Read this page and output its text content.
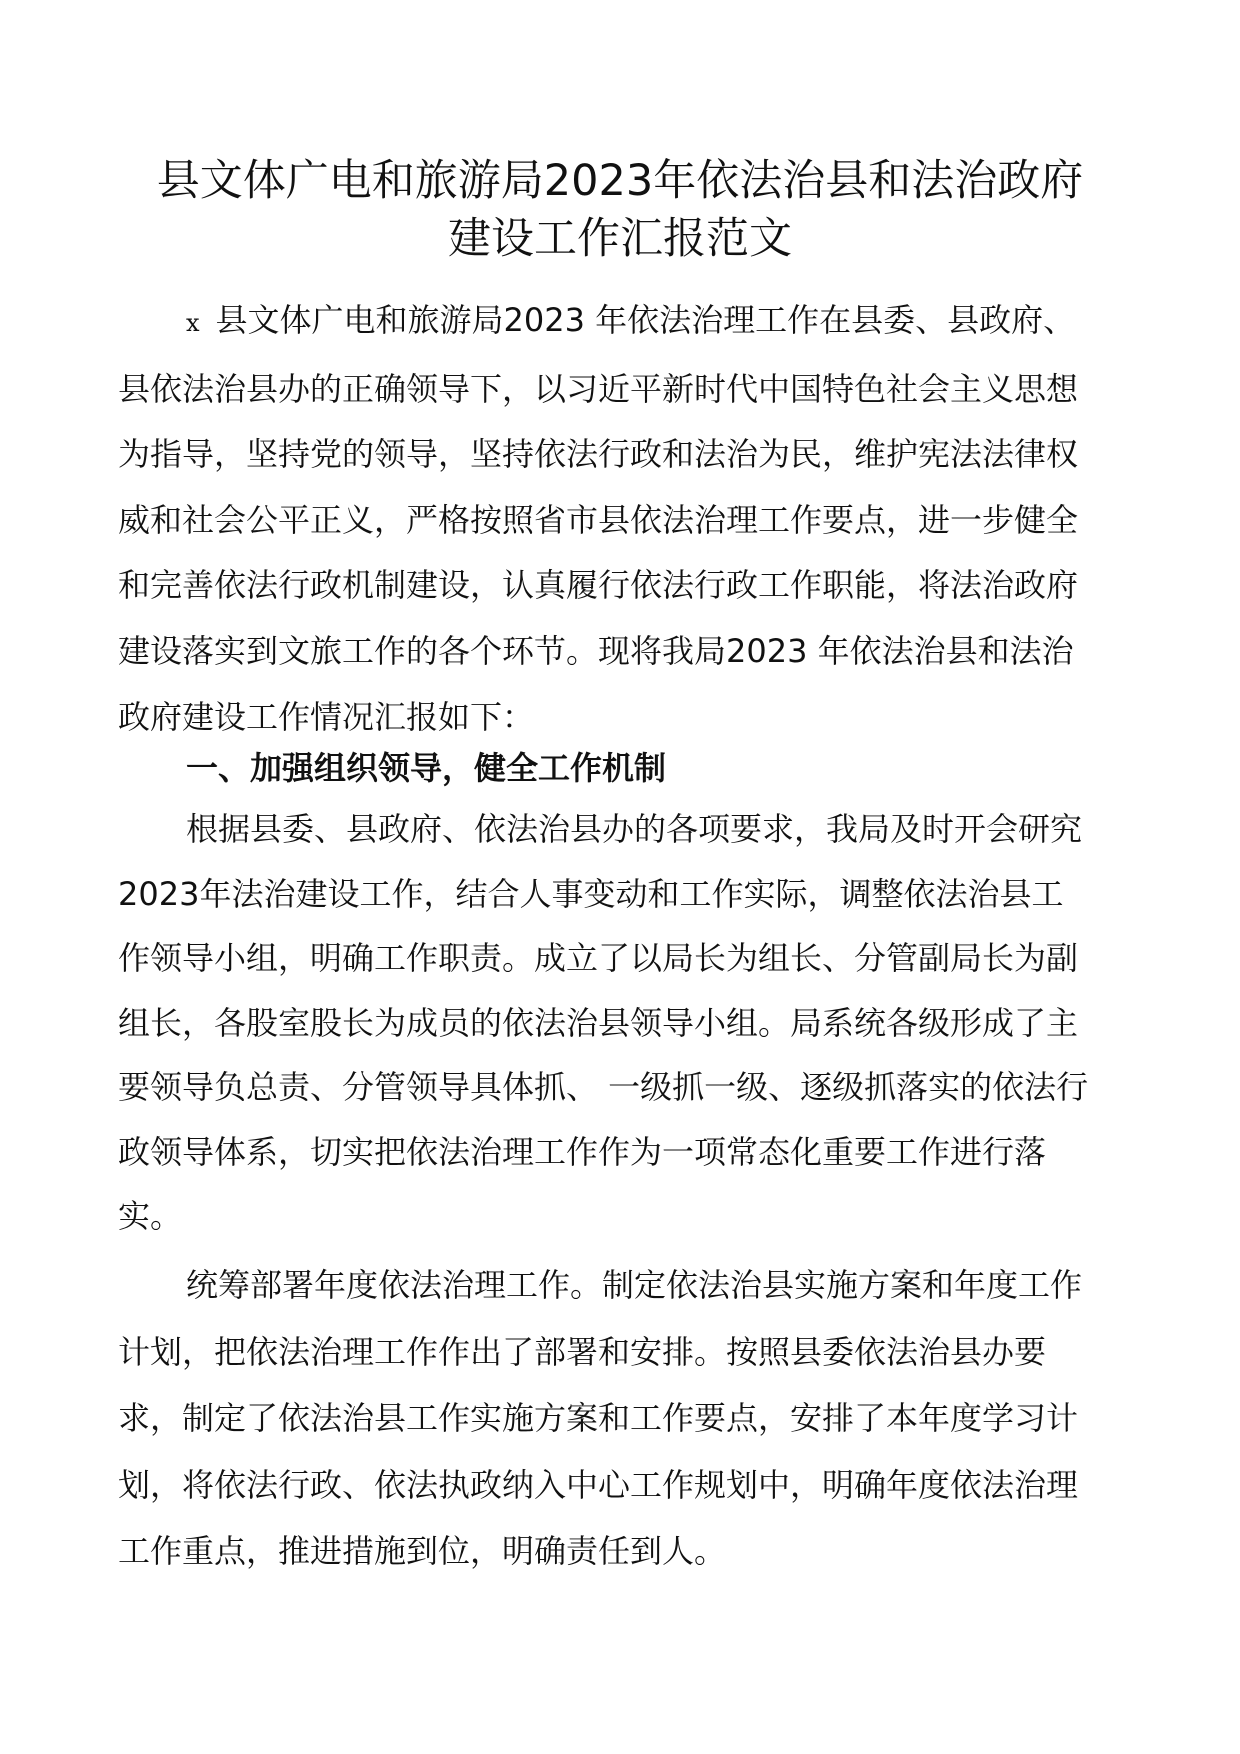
县文体广电和旅游局2023年依法治县和法治政府
建设工作汇报范文
x 县文体广电和旅游局2023 年依法治理工作在县委、县政府、
县依法治县办的正确领导下，以习近平新时代中国特色社会主义思想
为指导，坚持党的领导，坚持依法行政和法治为民，维护宪法法律权
威和社会公平正义，严格按照省市县依法治理工作要点，进一步健全
和完善依法行政机制建设，认真履行依法行政工作职能，将法治政府
建设落实到文旅工作的各个环节。现将我局2023 年依法治县和法治
政府建设工作情况汇报如下：
一、加强组织领导，健全工作机制
根据县委、县政府、依法治县办的各项要求，我局及时开会研究
2023年法治建设工作，结合人事变动和工作实际，调整依法治县工
作领导小组，明确工作职责。成立了以局长为组长、分管副局长为副
组长，各股室股长为成员的依法治县领导小组。局系统各级形成了主
要领导负总责、分管领导具体抓、 一级抓一级、逐级抓落实的依法行
政领导体系，切实把依法治理工作作为一项常态化重要工作进行落
实。
统筹部署年度依法治理工作。制定依法治县实施方案和年度工作
计划，把依法治理工作作出了部署和安排。按照县委依法治县办要
求，制定了依法治县工作实施方案和工作要点，安排了本年度学习计
划，将依法行政、依法执政纳入中心工作规划中，明确年度依法治理
工作重点，推进措施到位，明确责任到人。
